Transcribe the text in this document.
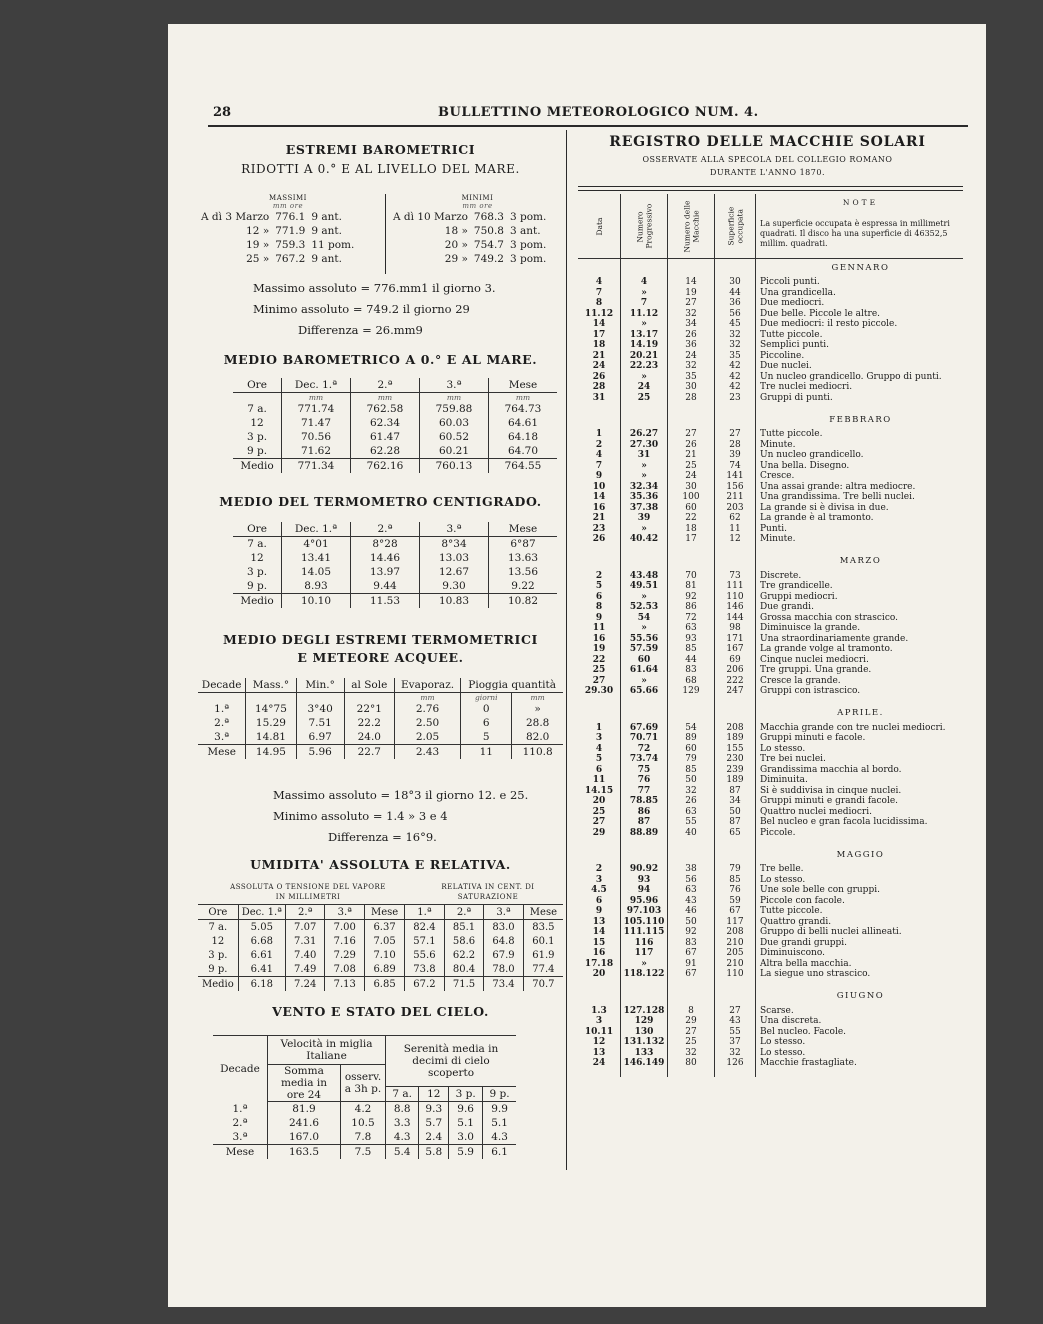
28	BULLETTINO METEOROLOGICO NUM. 4.
ESTREMI BAROMETRICI
RIDOTTI A 0.° E AL LIVELLO DEL MARE.
MASSIMI
mm ore
A dì 3 Marzo	776.1	9 ant.
12 »	771.9	9 ant.
19 »	759.3	11 pom.
25 »	767.2	9 ant.
MINIMI
mm ore
A dì 10 Marzo	768.3	3 pom.
18 »	750.8	3 ant.
20 »	754.7	3 pom.
29 »	749.2	3 pom.
Massimo assoluto = 776.mm1 il giorno 3.
Minimo assoluto = 749.2 il giorno 29
Differenza = 26.mm9
MEDIO BAROMETRICO A 0.° E AL MARE.
Ore	Dec. 1.ª	2.ª	3.ª	Mese
	mm	mm	mm	mm
7 a.	771.74	762.58	759.88	764.73
12	71.47	62.34	60.03	64.61
3 p.	70.56	61.47	60.52	64.18
9 p.	71.62	62.28	60.21	64.70
Medio	771.34	762.16	760.13	764.55
MEDIO DEL TERMOMETRO CENTIGRADO.
Ore	Dec. 1.ª	2.ª	3.ª	Mese
7 a.	4°01	8°28	8°34	6°87
12	13.41	14.46	13.03	13.63
3 p.	14.05	13.97	12.67	13.56
9 p.	8.93	9.44	9.30	9.22
Medio	10.10	11.53	10.83	10.82
MEDIO DEGLI ESTREMI TERMOMETRICI
E METEORE ACQUEE.
Decade	Mass.°	Min.°	al Sole	Evaporaz.	Pioggia quantità	
				mm	giorni	mm
1.ª	14°75	3°40	22°1	2.76	0	»
2.ª	15.29	7.51	22.2	2.50	6	28.8
3.ª	14.81	6.97	24.0	2.05	5	82.0
Mese	14.95	5.96	22.7	2.43	11	110.8
Massimo assoluto = 18°3 il giorno 12. e 25.
Minimo assoluto = 1.4 » 3 e 4
Differenza = 16°9.
UMIDITA' ASSOLUTA E RELATIVA.
ASSOLUTA O TENSIONE DEL VAPORE IN MILLIMETRI
RELATIVA IN CENT. DI SATURAZIONE
Ore	Dec. 1.ª	2.ª	3.ª	Mese	1.ª	2.ª	3.ª	Mese
7 a.	5.05	7.07	7.00	6.37	82.4	85.1	83.0	83.5
12	6.68	7.31	7.16	7.05	57.1	58.6	64.8	60.1
3 p.	6.61	7.40	7.29	7.10	55.6	62.2	67.9	61.9
9 p.	6.41	7.49	7.08	6.89	73.8	80.4	78.0	77.4
Medio	6.18	7.24	7.13	6.85	67.2	71.5	73.4	70.7
VENTO E STATO DEL CIELO.
Decade	Velocità in miglia Italiane		Serenità media in decimi di cielo scoperto			
	Somma media in ore 24	osserv. a 3h p.				
			7 a.	12	3 p.	9 p.
1.ª	81.9	4.2	8.8	9.3	9.6	9.9
2.ª	241.6	10.5	3.3	5.7	5.1	5.1
3.ª	167.0	7.8	4.3	2.4	3.0	4.3
Mese	163.5	7.5	5.4	5.8	5.9	6.1
REGISTRO DELLE MACCHIE SOLARI
OSSERVATE ALLA SPECOLA DEL COLLEGIO ROMANO
DURANTE L'ANNO 1870.
Data	Numero Progressivo	Numero delle Macchie	Superficie occupata	NOTE
La superficie occupata è espressa in millimetri quadrati. Il disco ha una superficie di 46352,5 millim. quadrati.

				GENNARO
4	4	14	30	Piccoli punti.
7	»	19	44	Una grandicella.
8	7	27	36	Due mediocri.
11.12	11.12	32	56	Due belle. Piccole le altre.
14	»	34	45	Due mediocri: il resto piccole.
17	13.17	26	32	Tutte piccole.
18	14.19	36	32	Semplici punti.
21	20.21	24	35	Piccoline.
24	22.23	32	42	Due nuclei.
26	»	35	42	Un nucleo grandicello. Gruppo di punti.
28	24	30	42	Tre nuclei mediocri.
31	25	28	23	Gruppi di punti.

				FEBBRARO
1	26.27	27	27	Tutte piccole.
2	27.30	26	28	Minute.
4	31	21	39	Un nucleo grandicello.
7	»	25	74	Una bella. Disegno.
9	»	24	141	Cresce.
10	32.34	30	156	Una assai grande: altra mediocre.
14	35.36	100	211	Una grandissima. Tre belli nuclei.
16	37.38	60	203	La grande si è divisa in due.
21	39	22	62	La grande è al tramonto.
23	»	18	11	Punti.
26	40.42	17	12	Minute.

				MARZO
2	43.48	70	73	Discrete.
5	49.51	81	111	Tre grandicelle.
6	»	92	110	Gruppi mediocri.
8	52.53	86	146	Due grandi.
9	54	72	144	Grossa macchia con strascico.
11	»	63	98	Diminuisce la grande.
16	55.56	93	171	Una straordinariamente grande.
19	57.59	85	167	La grande volge al tramonto.
22	60	44	69	Cinque nuclei mediocri.
25	61.64	83	206	Tre gruppi. Una grande.
27	»	68	222	Cresce la grande.
29.30	65.66	129	247	Gruppi con istrascico.

				APRILE.
1	67.69	54	208	Macchia grande con tre nuclei mediocri.
3	70.71	89	189	Gruppi minuti e facole.
4	72	60	155	Lo stesso.
5	73.74	79	230	Tre bei nuclei.
6	75	85	239	Grandissima macchia al bordo.
11	76	50	189	Diminuita.
14.15	77	32	87	Si è suddivisa in cinque nuclei.
20	78.85	26	34	Gruppi minuti e grandi facole.
25	86	63	50	Quattro nuclei mediocri.
27	87	55	87	Bel nucleo e gran facola lucidissima.
29	88.89	40	65	Piccole.

				MAGGIO
2	90.92	38	79	Tre belle.
3	93	56	85	Lo stesso.
4.5	94	63	76	Une sole belle con gruppi.
6	95.96	43	59	Piccole con facole.
9	97.103	46	67	Tutte piccole.
13	105.110	50	117	Quattro grandi.
14	111.115	92	208	Gruppo di belli nuclei allineati.
15	116	83	210	Due grandi gruppi.
16	117	67	205	Diminuiscono.
17.18	»	91	210	Altra bella macchia.
20	118.122	67	110	La siegue uno strascico.

				GIUGNO
1.3	127.128	8	27	Scarse.
3	129	29	43	Una discreta.
10.11	130	27	55	Bel nucleo. Facole.
12	131.132	25	37	Lo stesso.
13	133	32	32	Lo stesso.
24	146.149	80	126	Macchie frastagliate.
